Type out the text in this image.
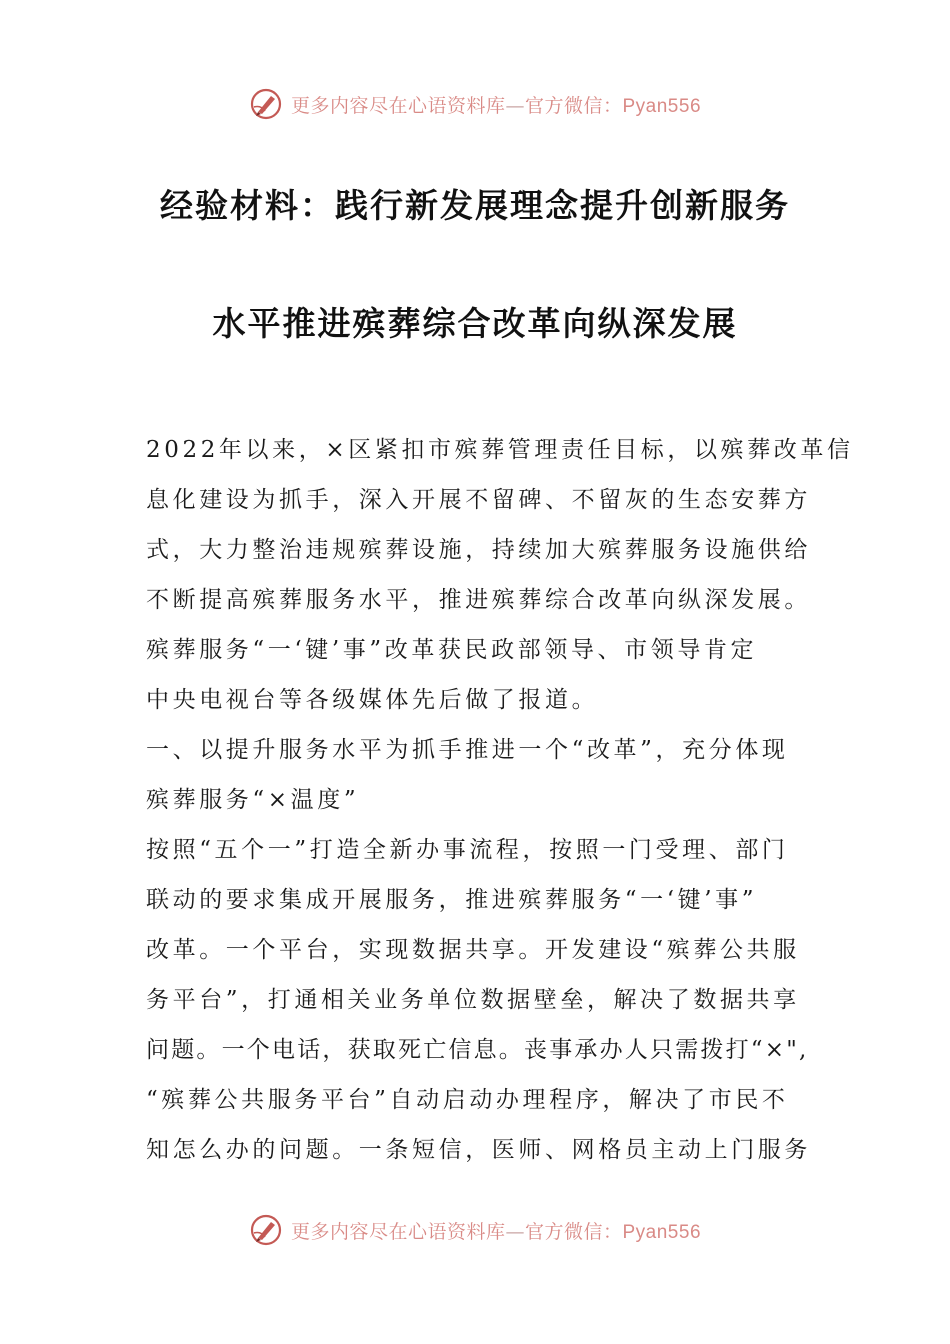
更多内容尽在心语资料库—官方微信：Pyan556
经验材料：践行新发展理念提升创新服务
水平推进殡葬综合改革向纵深发展
2022年以来，×区紧扣市殡葬管理责任目标，以殡葬改革信
息化建设为抓手，深入开展不留碑、不留灰的生态安葬方
式，大力整治违规殡葬设施，持续加大殡葬服务设施供给
不断提高殡葬服务水平，推进殡葬综合改革向纵深发展。
殡葬服务“一‘键’事”改革获民政部领导、市领导肯定
中央电视台等各级媒体先后做了报道。
一、以提升服务水平为抓手推进一个“改革”，充分体现
殡葬服务“×温度”
按照“五个一”打造全新办事流程，按照一门受理、部门
联动的要求集成开展服务，推进殡葬服务“一‘键’事”
改革。一个平台，实现数据共享。开发建设“殡葬公共服
务平台”，打通相关业务单位数据壁垒，解决了数据共享
问题。一个电话，获取死亡信息。丧事承办人只需拨打“×",
“殡葬公共服务平台”自动启动办理程序，解决了市民不
知怎么办的问题。一条短信，医师、网格员主动上门服务
更多内容尽在心语资料库—官方微信：Pyan556
